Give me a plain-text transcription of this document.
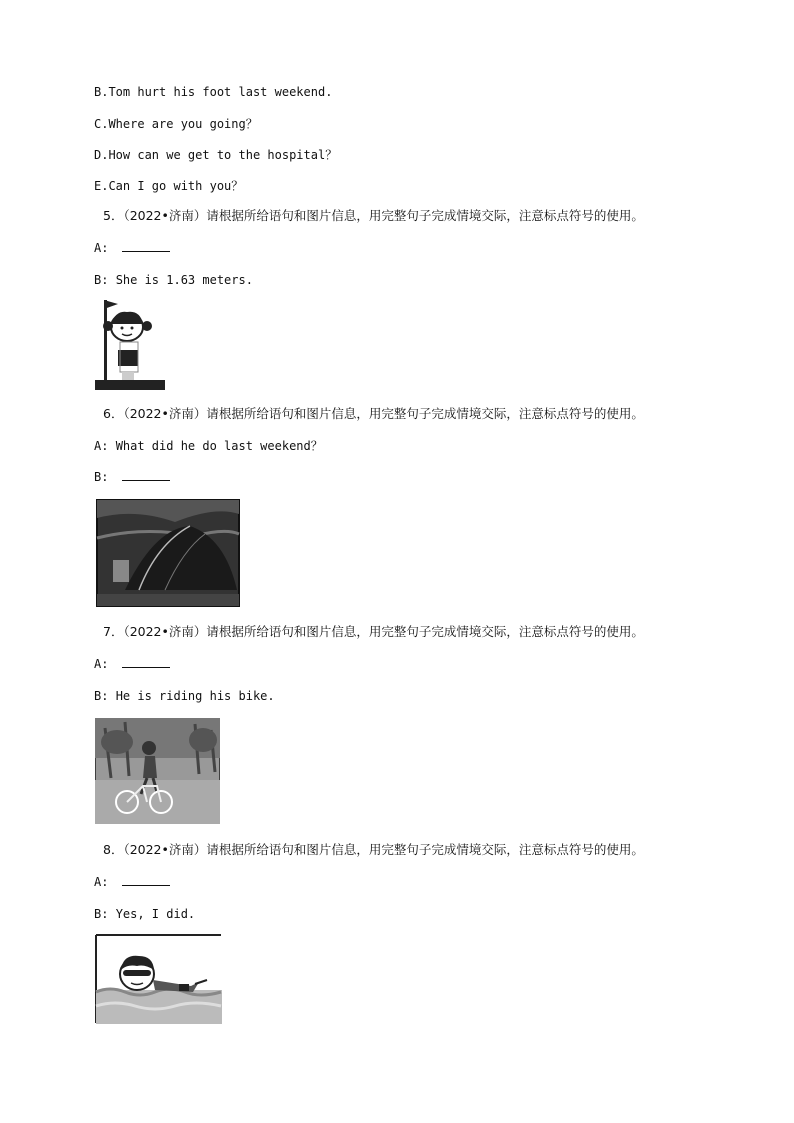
B.Tom hurt his foot last weekend.
C.Where are you going？
D.How can we get to the hospital？
E.Can I go with you？
5．（2022•济南）请根据所给语句和图片信息，用完整句子完成情境交际，注意标点符号的使用。
A:
B: She is 1.63 meters.
6．（2022•济南）请根据所给语句和图片信息，用完整句子完成情境交际，注意标点符号的使用。
A: What did he do last weekend？
B:
7．（2022•济南）请根据所给语句和图片信息，用完整句子完成情境交际，注意标点符号的使用。
A:
B: He is riding his bike.
8．（2022•济南）请根据所给语句和图片信息，用完整句子完成情境交际，注意标点符号的使用。
A:
B: Yes, I did.
